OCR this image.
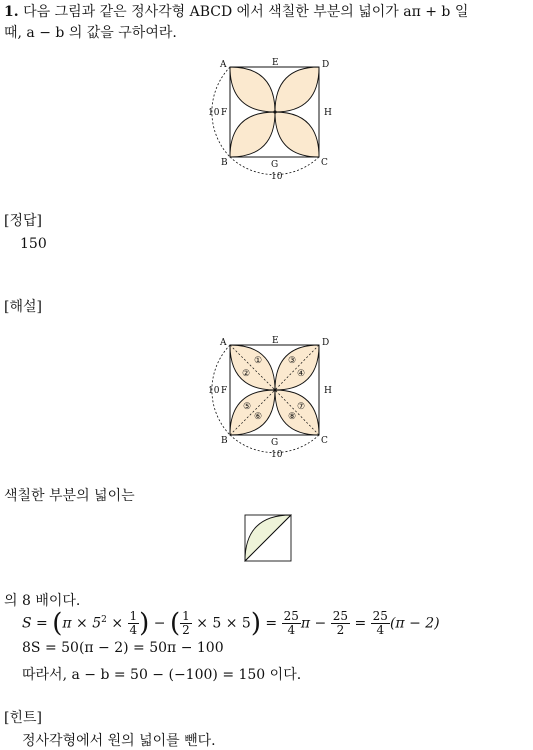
1. 다음 그림과 같은 정사각형 ABCD 에서 색칠한 부분의 넓이가 aπ + b 일
때, a − b 의 값을 구하여라.
A	E	D
F	H
B	G	C
10
10
[정답]
150
[해설]
①
②
③
④
⑤
⑥
⑦
⑧
A	E	D
F	H
B	G	C
10
10
색칠한 부분의 넓이는
의 8 배이다.
$S = (\pi \times 5^2 \times \frac{1}{4}$ ) − ( $\frac{1}{2} \times 5 \times 5) = \frac{25}{4}$ $\pi - \frac{25}{2} = \frac{25}{4} (\pi - 2)$
8S = 50(π − 2) = 50π − 100
따라서, a − b = 50 − (−100) = 150 이다.
[힌트]
정사각형에서 원의 넓이를 뺀다.
